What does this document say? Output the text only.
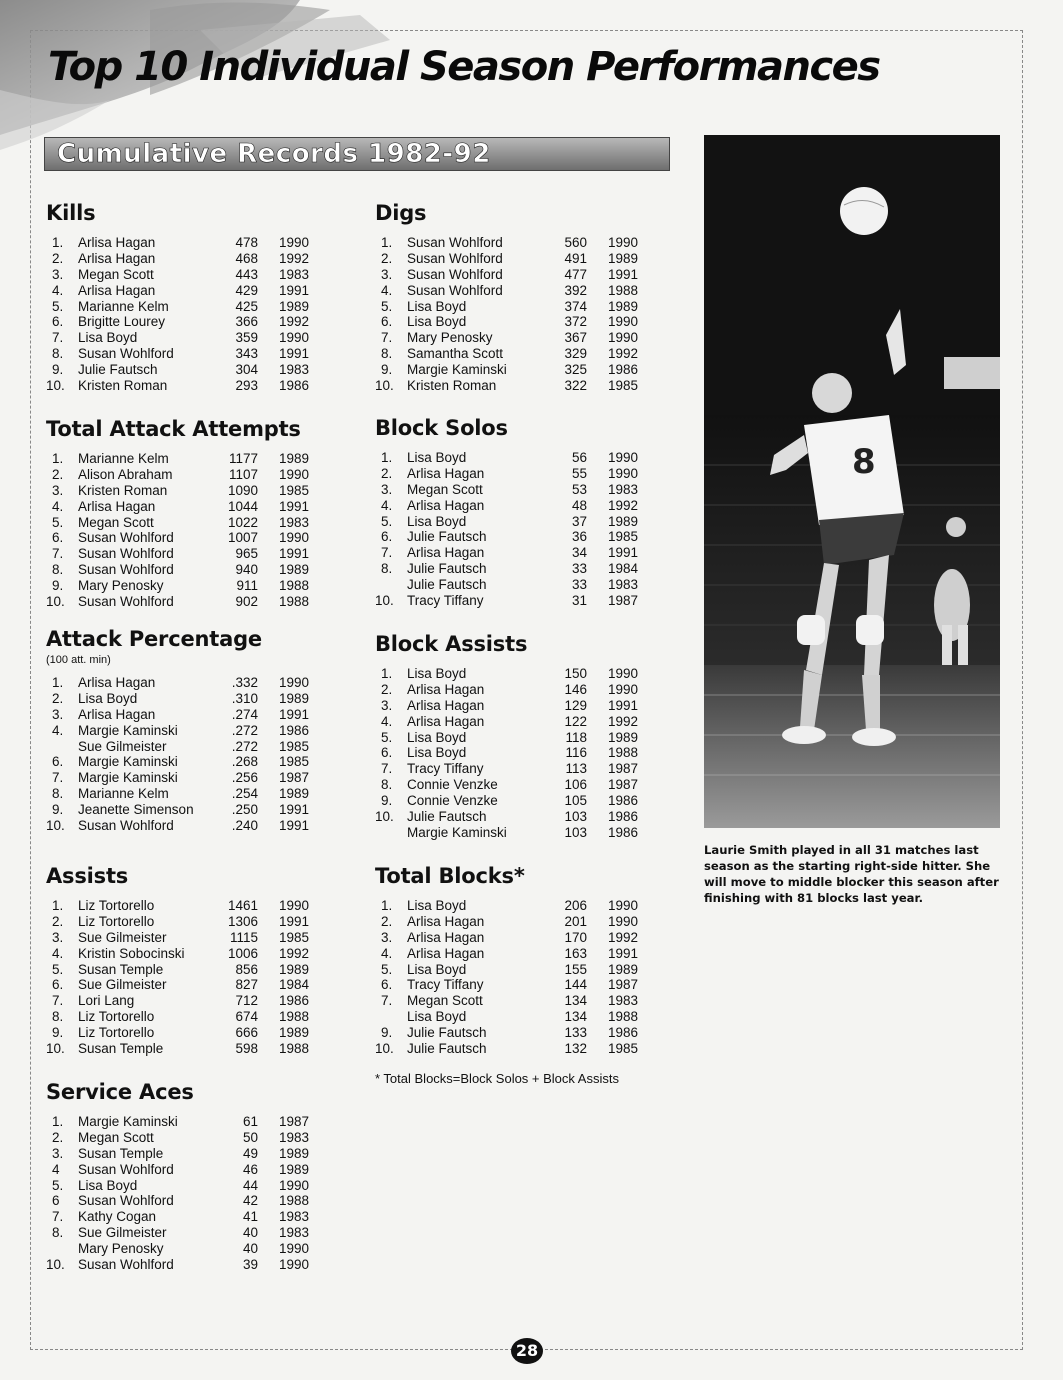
Top 10 Individual Season Performances
Cumulative Records 1982-92
Kills
1.	Arlisa Hagan	478 1990
2.	Arlisa Hagan	468 1992
3.	Megan Scott	443 1983
4.	Arlisa Hagan	429 1991
5.	Marianne Kelm	425 1989
6.	Brigitte Lourey	366 1992
7.	Lisa Boyd	359 1990
8.	Susan Wohlford	343 1991
9.	Julie Fautsch	304 1983
10. Kristen Roman	293 1986
Total Attack Attempts
1.	Marianne Kelm	1177 1989
2.	Alison Abraham	1107 1990
3.	Kristen Roman	1090 1985
4.	Arlisa Hagan	1044 1991
5.	Megan Scott	1022 1983
6.	Susan Wohlford	1007 1990
7.	Susan Wohlford	965 1991
8.	Susan Wohlford	940 1989
9.	Mary Penosky	911 1988
10. Susan Wohlford	902 1988
Attack Percentage
(100 att. min)
1.	Arlisa Hagan	.332 1990
2.	Lisa Boyd	.310 1989
3.	Arlisa Hagan	.274 1991
4.	Margie Kaminski	.272 1986
Sue Gilmeister	.272 1985
6.	Margie Kaminski	.268 1985
7.	Margie Kaminski	.256 1987
8.	Marianne Kelm	.254 1989
9.	Jeanette Simenson	.250 1991
10. Susan Wohlford	.240 1991
Assists
1.	Liz Tortorello	1461 1990
2.	Liz Tortorello	1306 1991
3.	Sue Gilmeister	1115 1985
4.	Kristin Sobocinski	1006 1992
5.	Susan Temple	856 1989
6.	Sue Gilmeister	827 1984
7.	Lori Lang	712 1986
8.	Liz Tortorello	674 1988
9.	Liz Tortorello	666 1989
10. Susan Temple	598 1988
Service Aces
1.	Margie Kaminski	61 1987
2.	Megan Scott	50 1983
3.	Susan Temple	49 1989
4	Susan Wohlford	46 1989
5.	Lisa Boyd	44 1990
6	Susan Wohlford	42 1988
7.	Kathy Cogan	41 1983
8.	Sue Gilmeister	40 1983
Mary Penosky	40 1990
10. Susan Wohlford	39 1990
Digs
1.	Susan Wohlford	560 1990
2.	Susan Wohlford	491 1989
3.	Susan Wohlford	477 1991
4.	Susan Wohlford	392 1988
5.	Lisa Boyd	374 1989
6.	Lisa Boyd	372 1990
7.	Mary Penosky	367 1990
8.	Samantha Scott	329 1992
9.	Margie Kaminski	325 1986
10. Kristen Roman	322 1985
Block Solos
1.	Lisa Boyd	56 1990
2.	Arlisa Hagan	55 1990
3.	Megan Scott	53 1983
4.	Arlisa Hagan	48 1992
5.	Lisa Boyd	37 1989
6.	Julie Fautsch	36 1985
7.	Arlisa Hagan	34 1991
8.	Julie Fautsch	33 1984
Julie Fautsch	33 1983
10. Tracy Tiffany	31 1987
Block Assists
1.	Lisa Boyd	150 1990
2.	Arlisa Hagan	146 1990
3.	Arlisa Hagan	129 1991
4.	Arlisa Hagan	122 1992
5.	Lisa Boyd	118 1989
6.	Lisa Boyd	116 1988
7.	Tracy Tiffany	113 1987
8.	Connie Venzke	106 1987
9.	Connie Venzke	105 1986
10. Julie Fautsch	103 1986
Margie Kaminski	103 1986
Total Blocks*
1.	Lisa Boyd	206 1990
2.	Arlisa Hagan	201 1990
3.	Arlisa Hagan	170 1992
4.	Arlisa Hagan	163 1991
5.	Lisa Boyd	155 1989
6.	Tracy Tiffany	144 1987
7.	Megan Scott	134 1983
Lisa Boyd	134 1988
9.	Julie Fautsch	133 1986
10. Julie Fautsch	132 1985
* Total Blocks=Block Solos + Block Assists
8
Laurie Smith played in all 31 matches last season as the starting right-side hitter. She will move to middle blocker this season after finishing with 81 blocks last year.
28
